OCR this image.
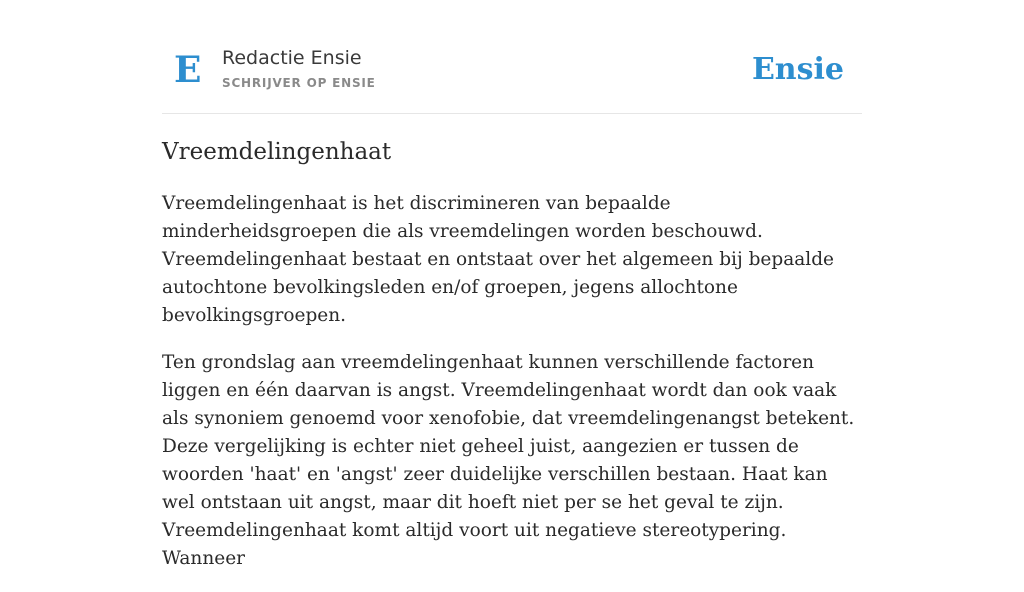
E Redactie Ensie
SCHRIJVER OP ENSIE	Ensie
Vreemdelingenhaat

Vreemdelingenhaat is het discrimineren van bepaalde minderheidsgroepen die als vreemdelingen worden beschouwd. Vreemdelingenhaat bestaat en ontstaat over het algemeen bij bepaalde autochtone bevolkingsleden en/of groepen, jegens allochtone bevolkingsgroepen.

Ten grondslag aan vreemdelingenhaat kunnen verschillende factoren liggen en één daarvan is angst. Vreemdelingenhaat wordt dan ook vaak als synoniem genoemd voor xenofobie, dat vreemdelingenangst betekent. Deze vergelijking is echter niet geheel juist, aangezien er tussen de woorden 'haat' en 'angst' zeer duidelijke verschillen bestaan. Haat kan wel ontstaan uit angst, maar dit hoeft niet per se het geval te zijn.

Vreemdelingenhaat komt altijd voort uit negatieve stereotypering. Wanneer
